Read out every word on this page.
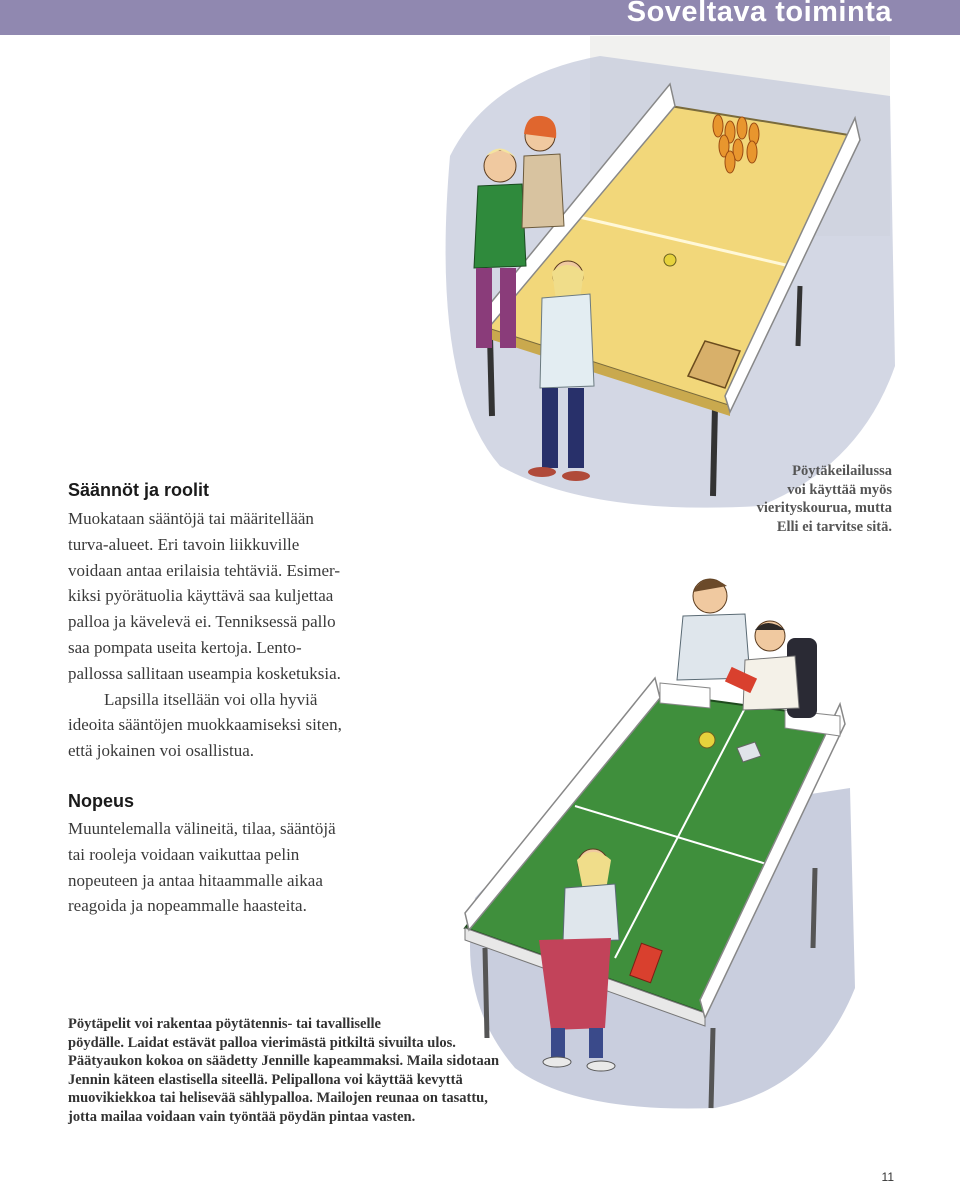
Soveltava toiminta
Säännöt ja roolit
Muokataan sääntöjä tai määritellään
turva-alueet. Eri tavoin liikkuville
voidaan antaa erilaisia tehtäviä. Esimer-
kiksi pyörätuolia käyttävä saa kuljettaa
palloa ja kävelevä ei. Tenniksessä pallo
saa pompata useita kertoja. Lento-
pallossa sallitaan useampia kosketuksia.
Lapsilla itsellään voi olla hyviä
ideoita sääntöjen muokkaamiseksi siten,
että jokainen voi osallistua.
Nopeus
Muuntelemalla välineitä, tilaa, sääntöjä
tai rooleja voidaan vaikuttaa pelin
nopeuteen ja antaa hitaammalle aikaa
reagoida ja nopeammalle haasteita.
Pöytäkeilailussa
voi käyttää myös
vierityskourua, mutta
Elli ei tarvitse sitä.
Pöytäpelit voi rakentaa pöytätennis- tai tavalliselle
pöydälle. Laidat estävät palloa vierimästä pitkiltä sivuilta ulos.
Päätyaukon kokoa on säädetty Jennille kapeammaksi. Maila sidotaan
Jennin käteen elastisella siteellä. Pelipallona voi käyttää kevyttä
muovikiekkoa tai helisevää sählypalloa. Mailojen reunaa on tasattu,
jotta mailaa voidaan vain työntää pöydän pintaa vasten.
11
